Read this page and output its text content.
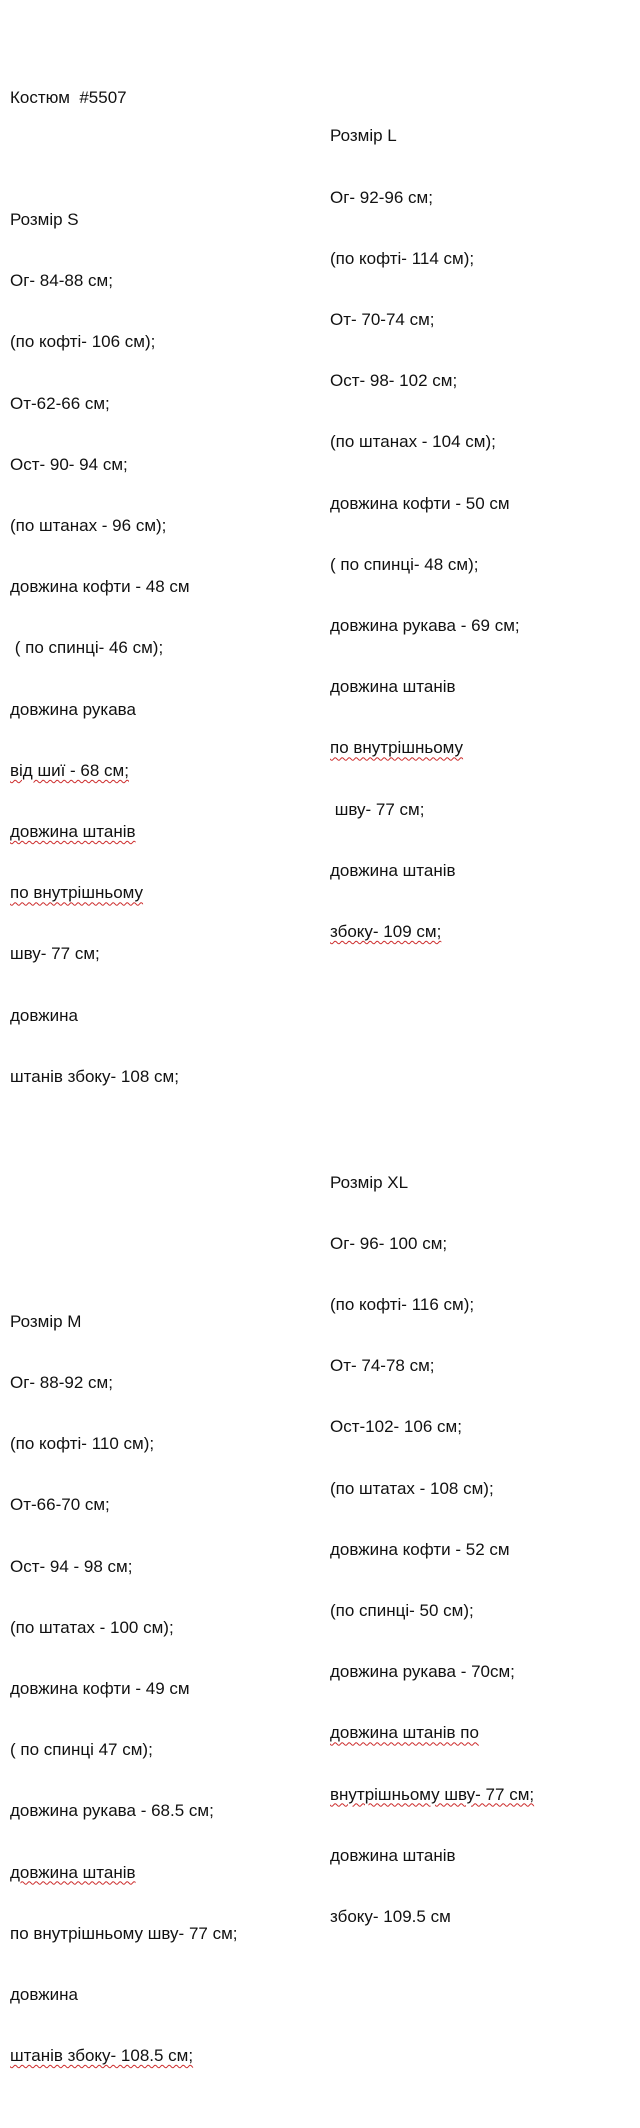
Костюм  #5507

Розмір S

Ог- 84-88 см;

(по кофті- 106 см);

От-62-66 см;

Ост- 90- 94 см;

(по штанах - 96 см);

довжина кофти - 48 см

( по спинці- 46 см);

довжина рукава

від шиї - 68 см;

довжина штанів

по внутрішньому

шву- 77 см;

довжина

штанів збоку- 108 см;

Розмір M

Ог- 88-92 см;

(по кофті- 110 см);

От-66-70 см;

Ост- 94 - 98 см;

(по штатах - 100 см);

довжина кофти - 49 см

( по спинці 47 см);

довжина рукава - 68.5 см;

довжина штанів

по внутрішньому шву- 77 см;

довжина

штанів збоку- 108.5 см;

Розмір L

Ог- 92-96 см;

(по кофті- 114 см);

От- 70-74 см;

Ост- 98- 102 см;

(по штанах - 104 см);

довжина кофти - 50 см

( по спинці- 48 см);

довжина рукава - 69 см;

довжина штанів

по внутрішньому

шву- 77 см;

довжина штанів

збоку- 109 см;

Розмір XL

Ог- 96- 100 см;

(по кофті- 116 см);

От- 74-78 см;

Ост-102- 106 см;

(по штатах - 108 см);

довжина кофти - 52 см

(по спинці- 50 см);

довжина рукава - 70см;

довжина штанів по

внутрішньому шву- 77 см;

довжина штанів

збоку- 109.5 см
